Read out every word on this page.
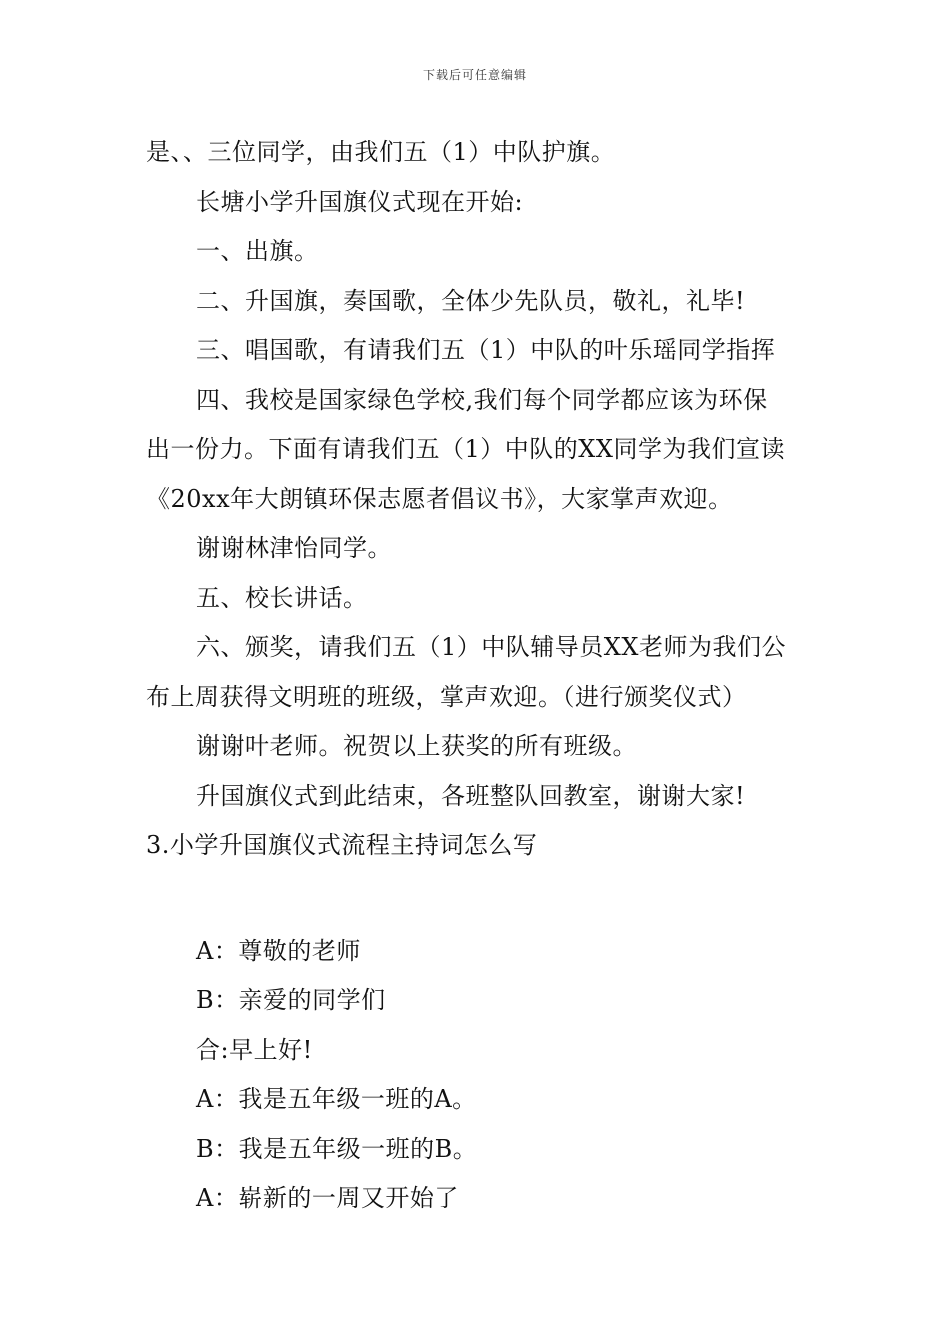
下载后可任意编辑
是、、三位同学，由我们五（1）中队护旗。
长塘小学升国旗仪式现在开始:
一、出旗。
二、升国旗，奏国歌，全体少先队员，敬礼，礼毕!
三、唱国歌，有请我们五（1）中队的叶乐瑶同学指挥
四、我校是国家绿色学校,我们每个同学都应该为环保
出一份力。下面有请我们五（1）中队的XX同学为我们宣读
《20xx年大朗镇环保志愿者倡议书》，大家掌声欢迎。
谢谢林津怡同学。
五、校长讲话。
六、颁奖，请我们五（1）中队辅导员XX老师为我们公
布上周获得文明班的班级，掌声欢迎。（进行颁奖仪式）
谢谢叶老师。祝贺以上获奖的所有班级。
升国旗仪式到此结束，各班整队回教室，谢谢大家!
3.小学升国旗仪式流程主持词怎么写
A：尊敬的老师
B：亲爱的同学们
合:早上好!
A：我是五年级一班的A。
B：我是五年级一班的B。
A：崭新的一周又开始了
